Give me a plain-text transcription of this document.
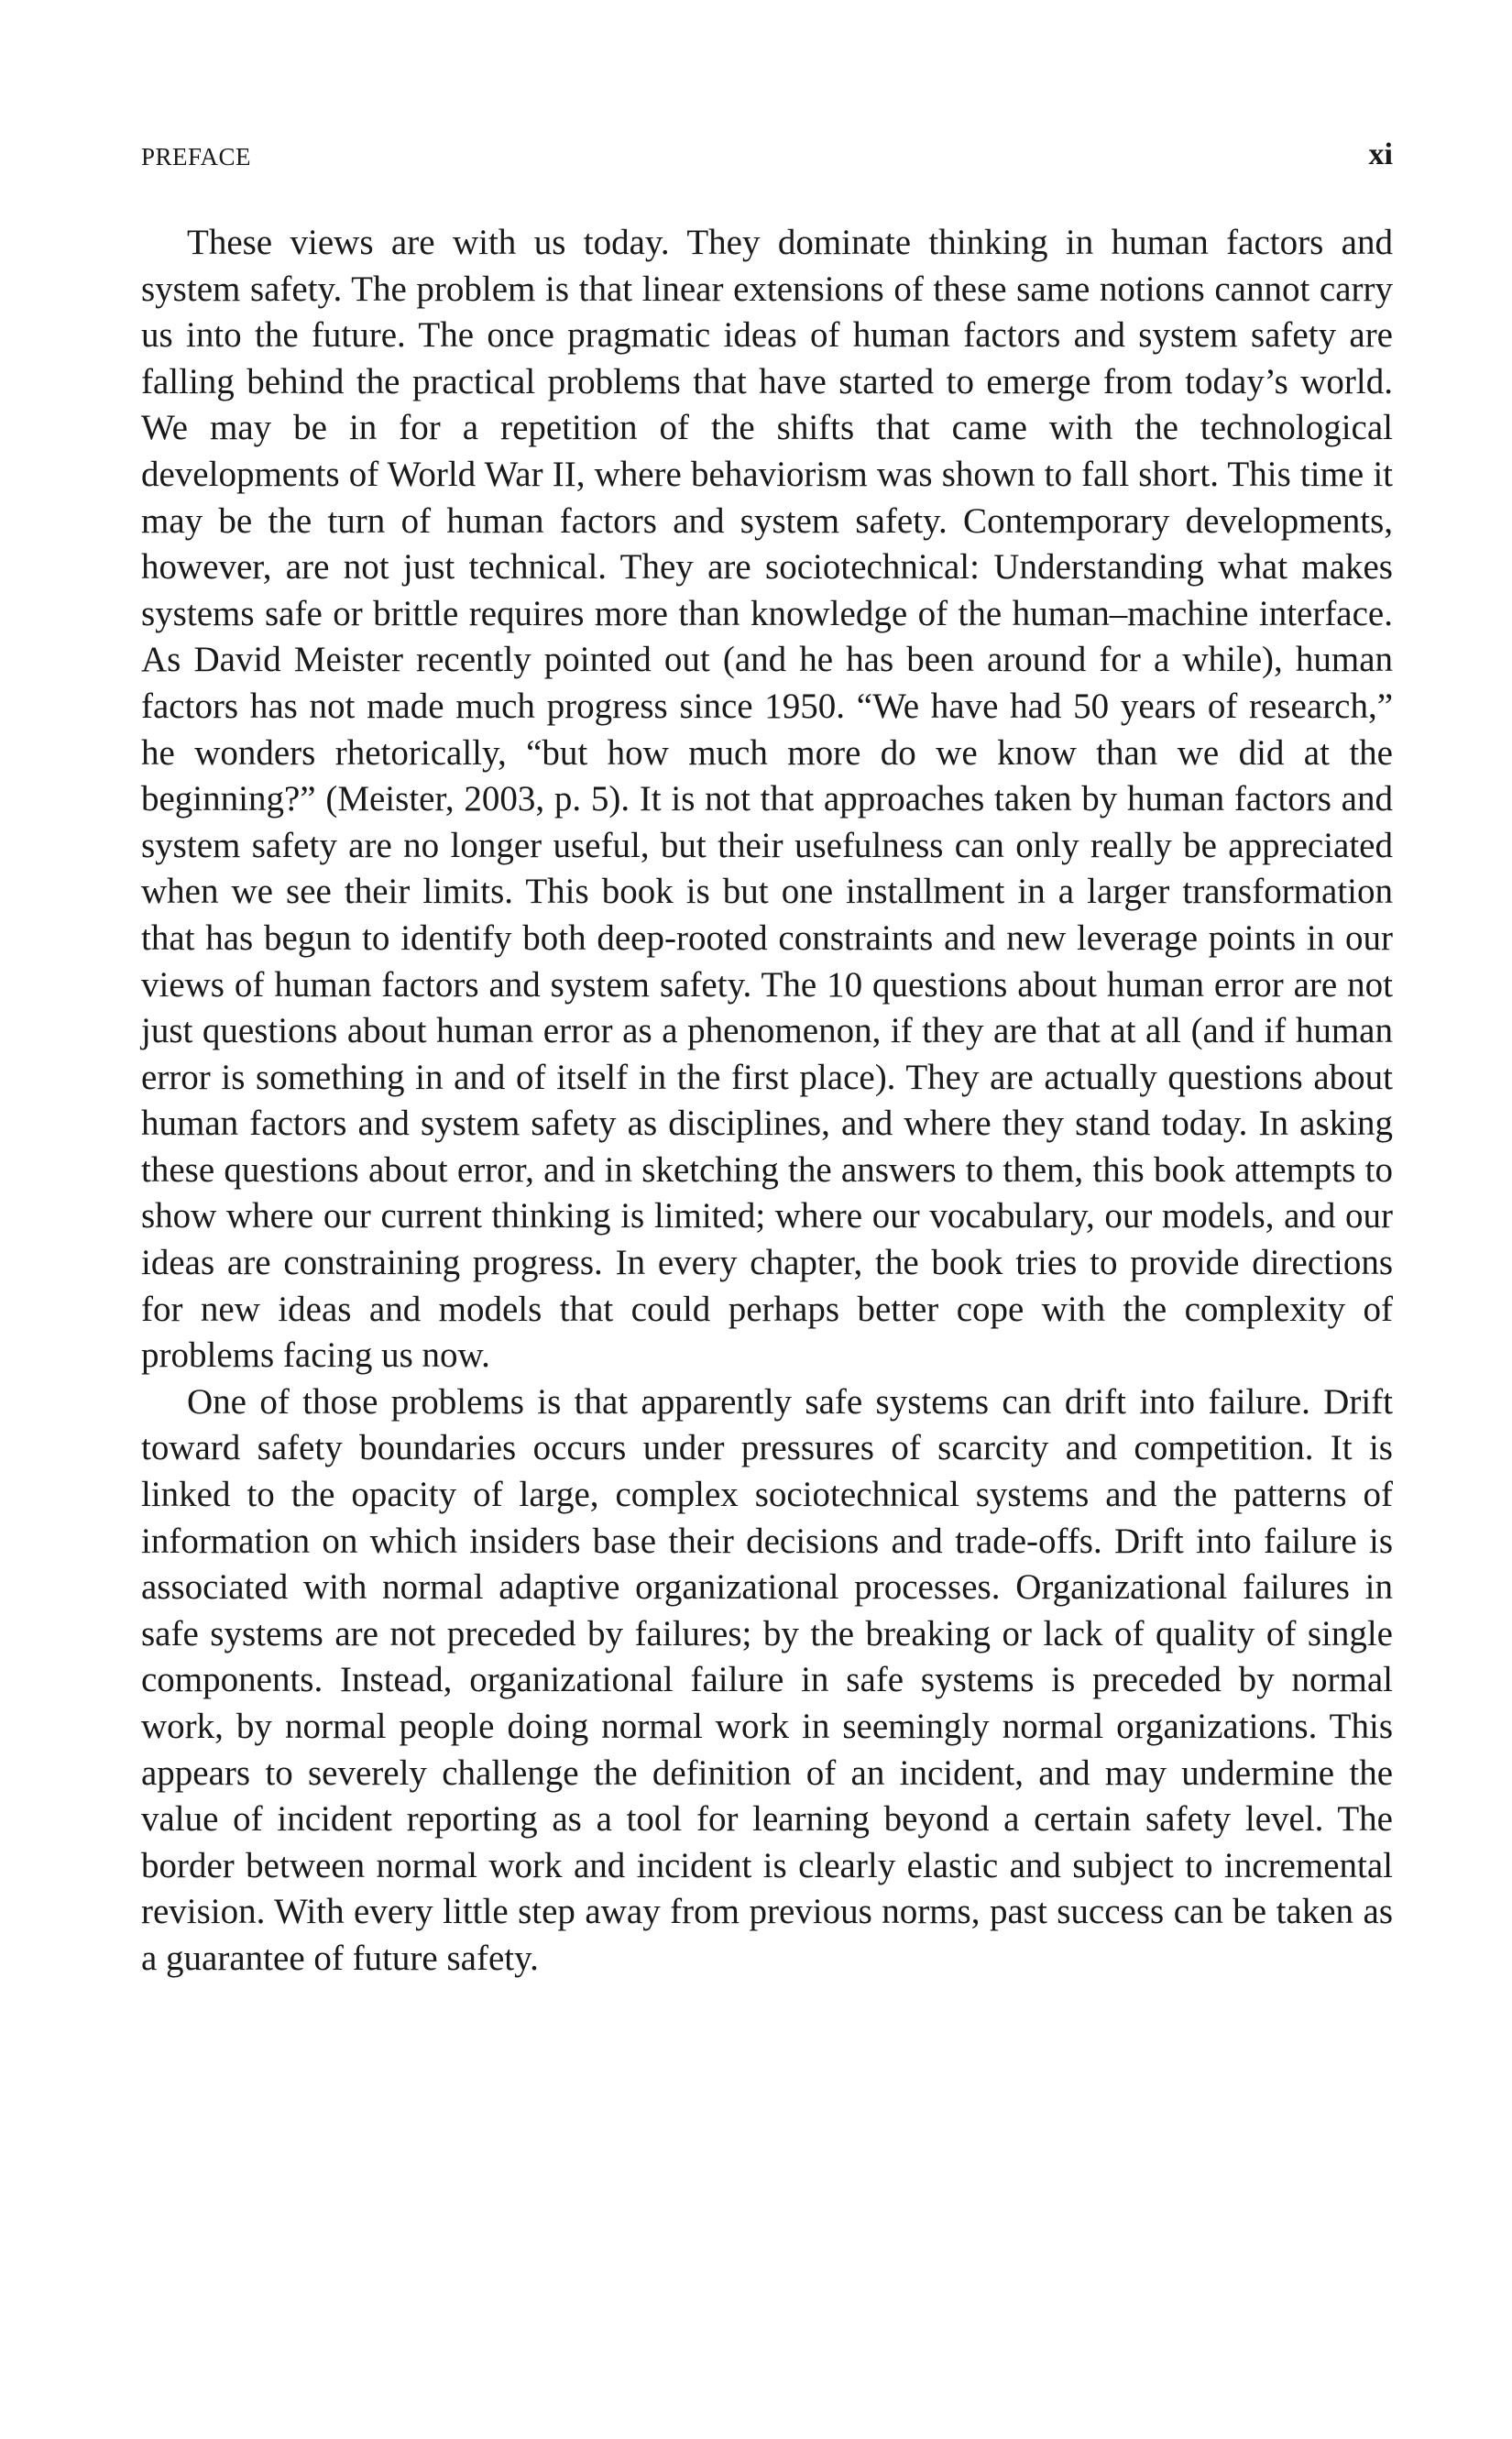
PREFACE	xi

These views are with us today. They dominate thinking in human factors and system safety. The problem is that linear extensions of these same notions cannot carry us into the future. The once pragmatic ideas of human factors and system safety are falling behind the practical problems that have started to emerge from today’s world. We may be in for a repetition of the shifts that came with the technological developments of World War II, where behaviorism was shown to fall short. This time it may be the turn of human factors and system safety. Contemporary developments, however, are not just technical. They are sociotechnical: Understanding what makes systems safe or brittle requires more than knowledge of the human–machine interface. As David Meister recently pointed out (and he has been around for a while), human factors has not made much progress since 1950. “We have had 50 years of research,” he wonders rhetorically, “but how much more do we know than we did at the beginning?” (Meister, 2003, p. 5). It is not that approaches taken by human factors and system safety are no longer useful, but their usefulness can only really be appreciated when we see their limits. This book is but one installment in a larger transformation that has begun to identify both deep-rooted constraints and new leverage points in our views of human factors and system safety. The 10 questions about human error are not just questions about human error as a phenomenon, if they are that at all (and if human error is something in and of itself in the first place). They are actually questions about human factors and system safety as disciplines, and where they stand today. In asking these questions about error, and in sketching the answers to them, this book attempts to show where our current thinking is limited; where our vocabulary, our models, and our ideas are constraining progress. In every chapter, the book tries to provide directions for new ideas and models that could perhaps better cope with the complexity of problems facing us now.

One of those problems is that apparently safe systems can drift into failure. Drift toward safety boundaries occurs under pressures of scarcity and competition. It is linked to the opacity of large, complex sociotechnical systems and the patterns of information on which insiders base their decisions and trade-offs. Drift into failure is associated with normal adaptive organizational processes. Organizational failures in safe systems are not preceded by failures; by the breaking or lack of quality of single components. Instead, organizational failure in safe systems is preceded by normal work, by normal people doing normal work in seemingly normal organizations. This appears to severely challenge the definition of an incident, and may undermine the value of incident reporting as a tool for learning beyond a certain safety level. The border between normal work and incident is clearly elastic and subject to incremental revision. With every little step away from previous norms, past success can be taken as a guarantee of future safety.
